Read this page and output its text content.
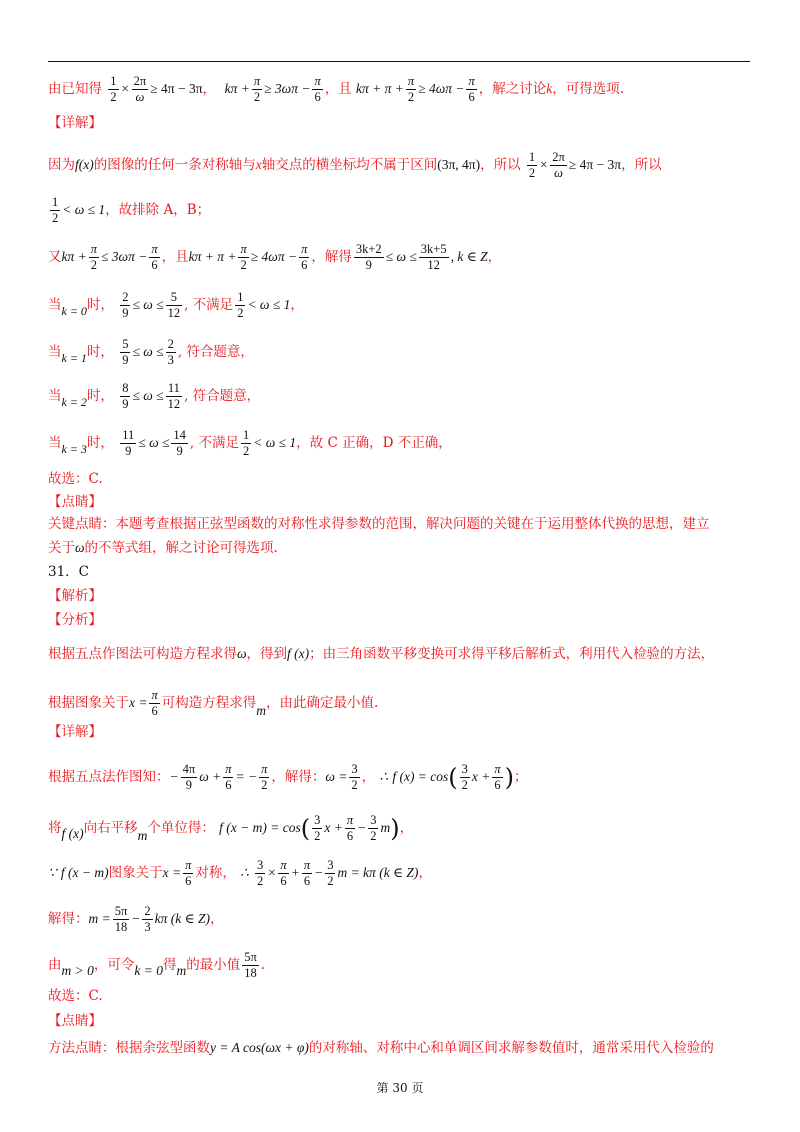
由已知得 $\frac{1}{2} \times \frac{2\pi}{\omega} \ge 4\pi - 3\pi$， $k\pi + \frac{\pi}{2} \ge 3\omega\pi - \frac{\pi}{6}$ ，且 $k\pi + \pi + \frac{\pi}{2} \ge 4\omega\pi - \frac{\pi}{6}$ ，解之讨论k，可得选项.
【详解】
因为f(x)的图像的任何一条对称轴与x轴交点的横坐标均不属于区间(3π, 4π)，所以 $\frac{1}{2} \times \frac{2\pi}{\omega} \ge 4\pi - 3\pi$，所以
$\frac{1}{2} < \omega \le 1$，故排除 A，B；
又$k\pi + \frac{\pi}{2} \le 3\omega\pi - \frac{\pi}{6}$ ，且$k\pi + \pi + \frac{\pi}{2} \ge 4\omega\pi - \frac{\pi}{6}$ ，解得 $\frac{3k+2}{9} \le \omega \le \frac{3k+5}{12}$ , k ∈ Z，
当k = 0时， $\frac{2}{9} \le \omega \le \frac{5}{12}$ , 不满足 $\frac{1}{2} < \omega \le 1$，
当k = 1时， $\frac{5}{9} \le \omega \le \frac{2}{3}$ , 符合题意，
当k = 2时， $\frac{8}{9} \le \omega \le \frac{11}{12}$ , 符合题意，
当k = 3时， $\frac{11}{9} \le \omega \le \frac{14}{9}$ , 不满足 $\frac{1}{2} < \omega \le 1$，故 C 正确，D 不正确，
故选：C.
【点睛】
关键点睛：本题考查根据正弦型函数的对称性求得参数的范围，解决问题的关键在于运用整体代换的思想，建立
关于ω的不等式组，解之讨论可得选项.
31．C
【解析】
【分析】
根据五点作图法可构造方程求得ω，得到f (x)；由三角函数平移变换可求得平移后解析式，利用代入检验的方法，
根据图象关于$x = \frac{\pi}{6}$ 可构造方程求得m，由此确定最小值.
【详解】
根据五点法作图知：− $\frac{4\pi}{9}$ $\omega + \frac{\pi}{6}$ = − $\frac{\pi}{2}$ ，解得：$\omega = \frac{3}{2}$ ， ∴ f $(x) = \cos( \frac{3}{2}$ $x + \frac{\pi}{6}$ )；
将f (x)向右平移m个单位得： f $(x - m) = \cos( \frac{3}{2}$ $x + \frac{\pi}{6} - \frac{3}{2} m$)，
∵ f (x − m)图象关于$x = \frac{\pi}{6}$ 对称， ∴ $\frac{3}{2} \times \frac{\pi}{6} + \frac{\pi}{6} - \frac{3}{2}$ m = kπ (k ∈ Z)，
解得：$m = \frac{5\pi}{18} - \frac{2}{3}$ kπ (k ∈ Z)，
由m > 0，可令k = 0得m的最小值 $\frac{5\pi}{18}$ .
故选：C.
【点睛】
方法点睛：根据余弦型函数y = A cos(ωx + φ)的对称轴、对称中心和单调区间求解参数值时，通常采用代入检验的
第 30 页
